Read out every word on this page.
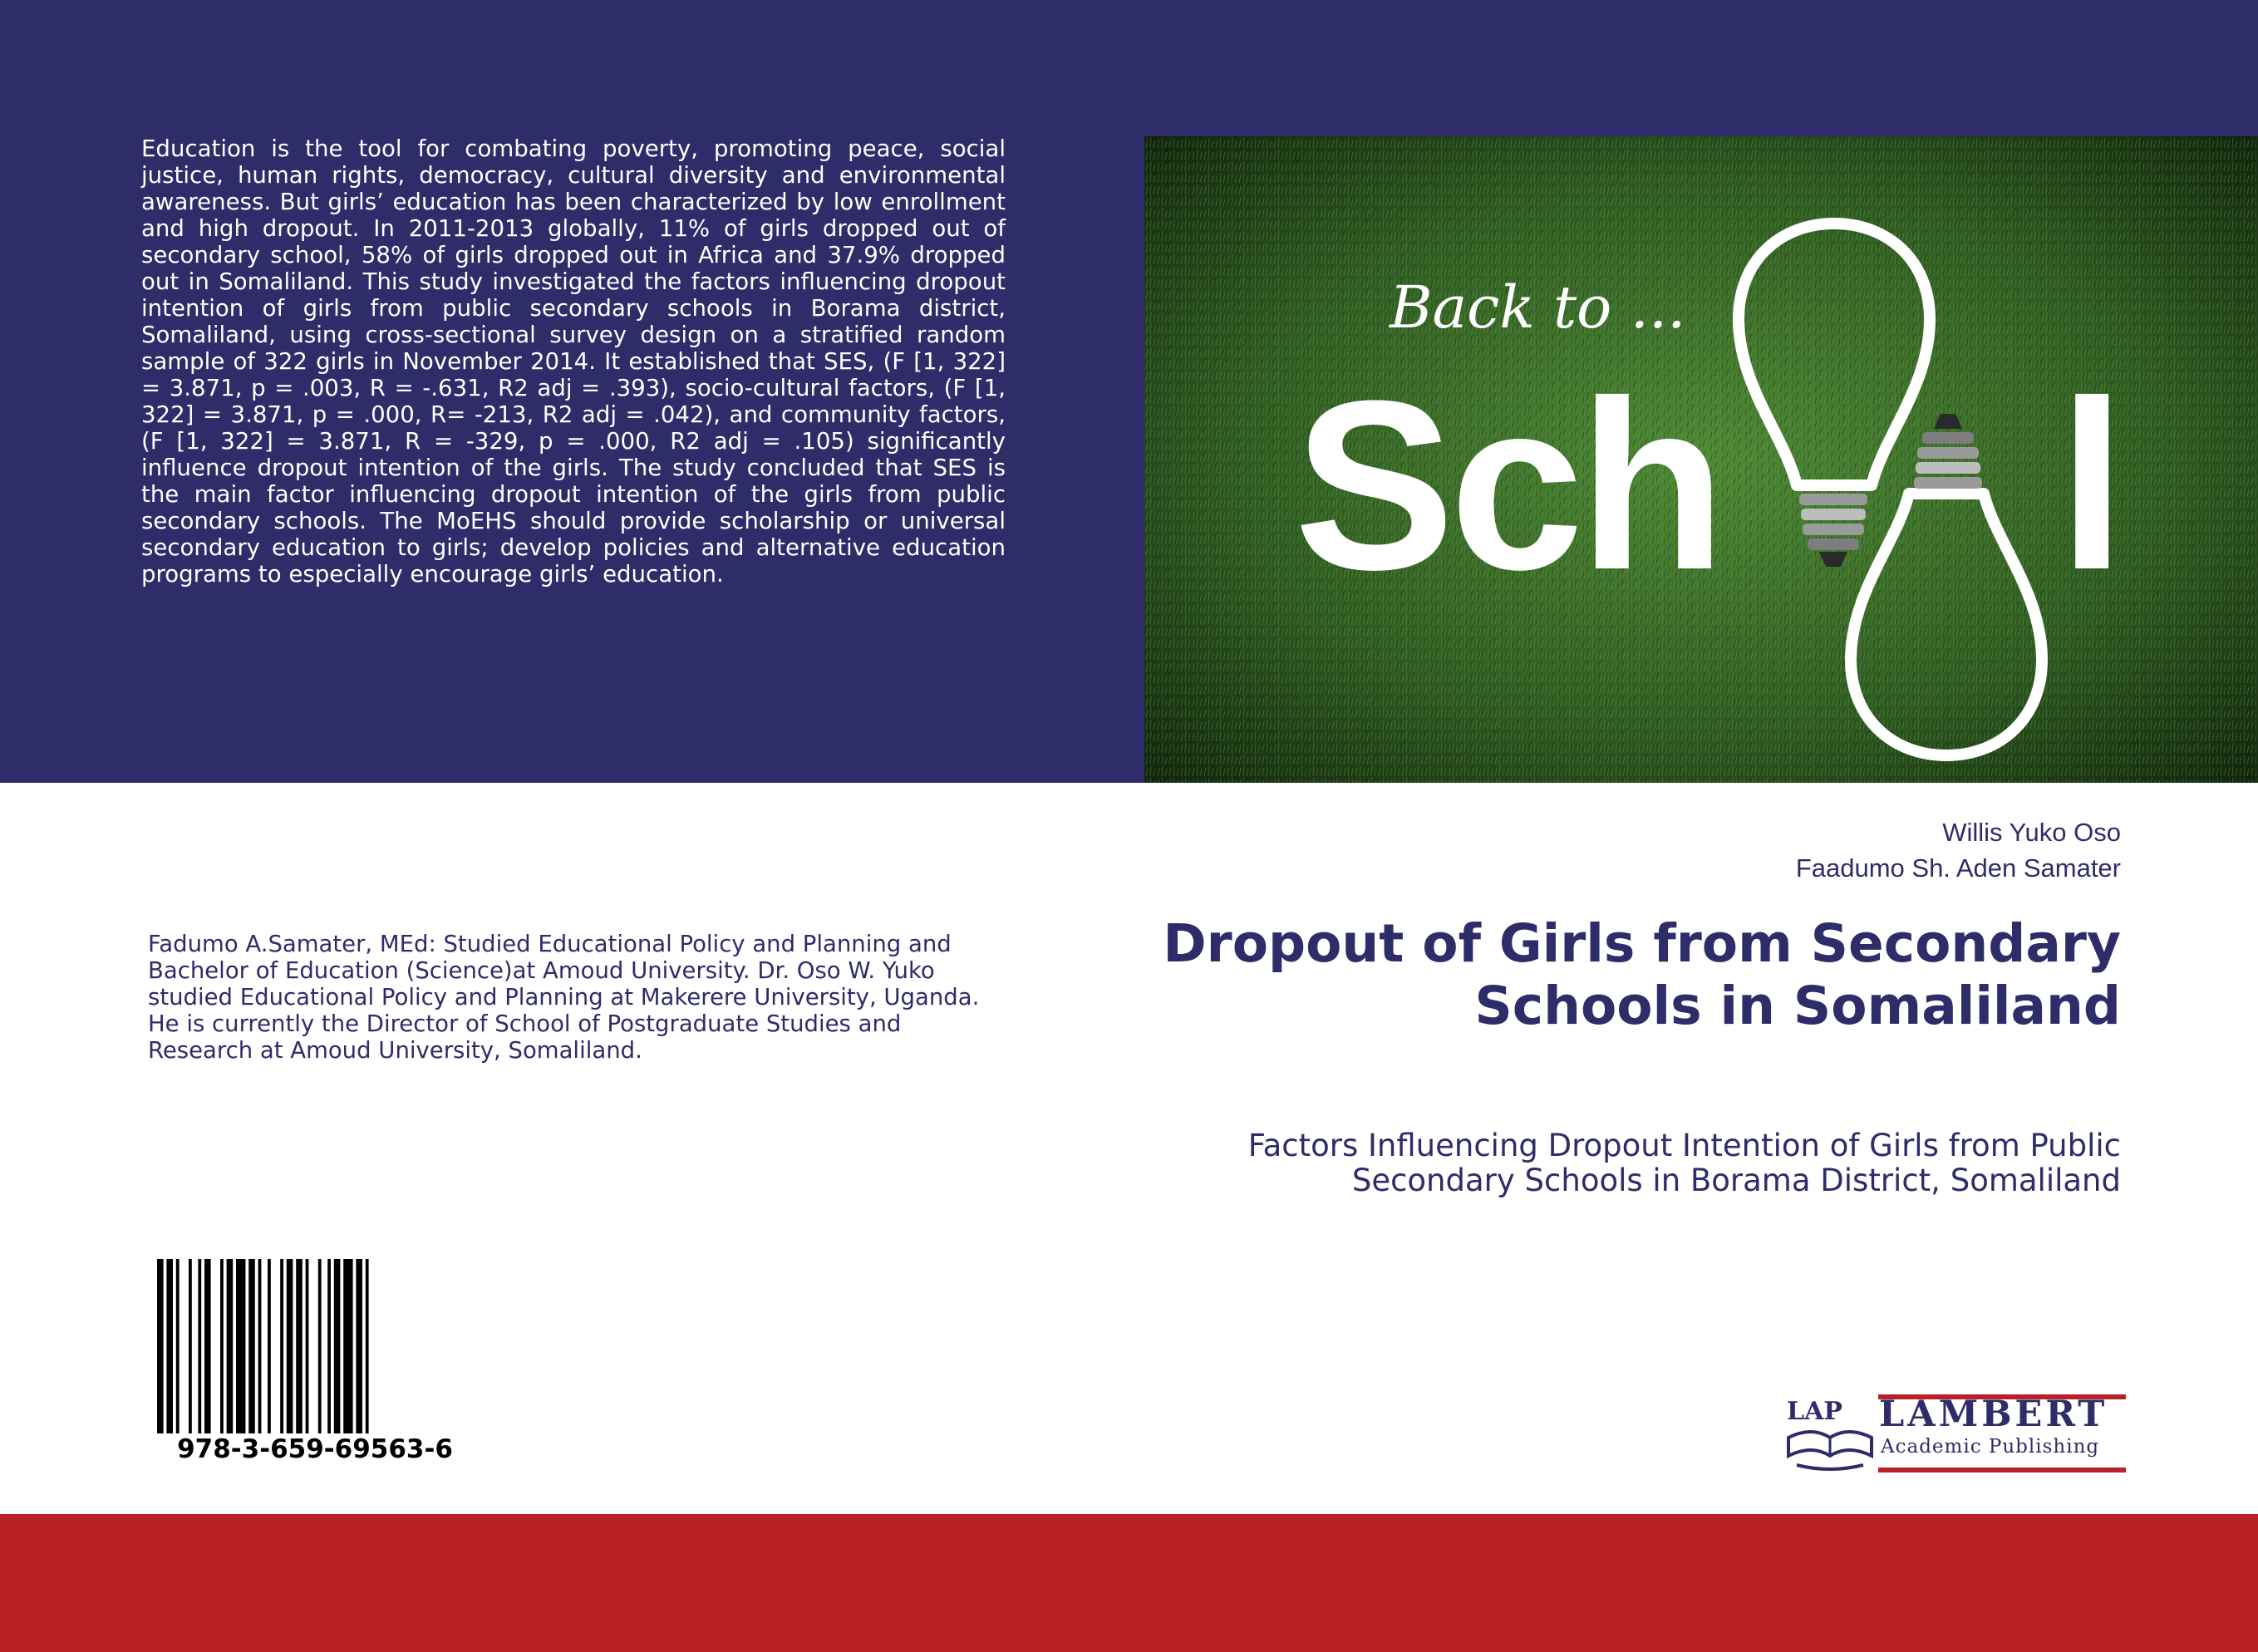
Education is the tool for combating poverty, promoting peace, social justice, human rights, democracy, cultural diversity and environmental awareness. But girls’ education has been characterized by low enrollment and high dropout. In 2011-2013 globally, 11% of girls dropped out of secondary school, 58% of girls dropped out in Africa and 37.9% dropped out in Somaliland. This study investigated the factors influencing dropout intention of girls from public secondary schools in Borama district, Somaliland, using cross-sectional survey design on a stratified random sample of 322 girls in November 2014. It established that SES, (F [1, 322] = 3.871, p = .003, R = -.631, R2 adj = .393), socio-cultural factors, (F [1, 322] = 3.871, p = .000, R= -213, R2 adj = .042), and community factors, (F [1, 322] = 3.871, R = -329, p = .000, R2 adj = .105) significantly influence dropout intention of the girls. The study concluded that SES is the main factor influencing dropout intention of the girls from public secondary schools. The MoEHS should provide scholarship or universal secondary education to girls; develop policies and alternative education programs to especially encourage girls’ education.
Back to ...
Sch l
Willis Yuko Oso
Faadumo Sh. Aden Samater
Dropout of Girls from Secondary Schools in Somaliland
Factors Influencing Dropout Intention of Girls from Public Secondary Schools in Borama District, Somaliland
Fadumo A.Samater, MEd: Studied Educational Policy and Planning and Bachelor of Education (Science)at Amoud University. Dr. Oso W. Yuko studied Educational Policy and Planning at Makerere University, Uganda. He is currently the Director of School of Postgraduate Studies and Research at Amoud University, Somaliland.
978-3-659-69563-6
LAP LAMBERT
Academic Publishing
